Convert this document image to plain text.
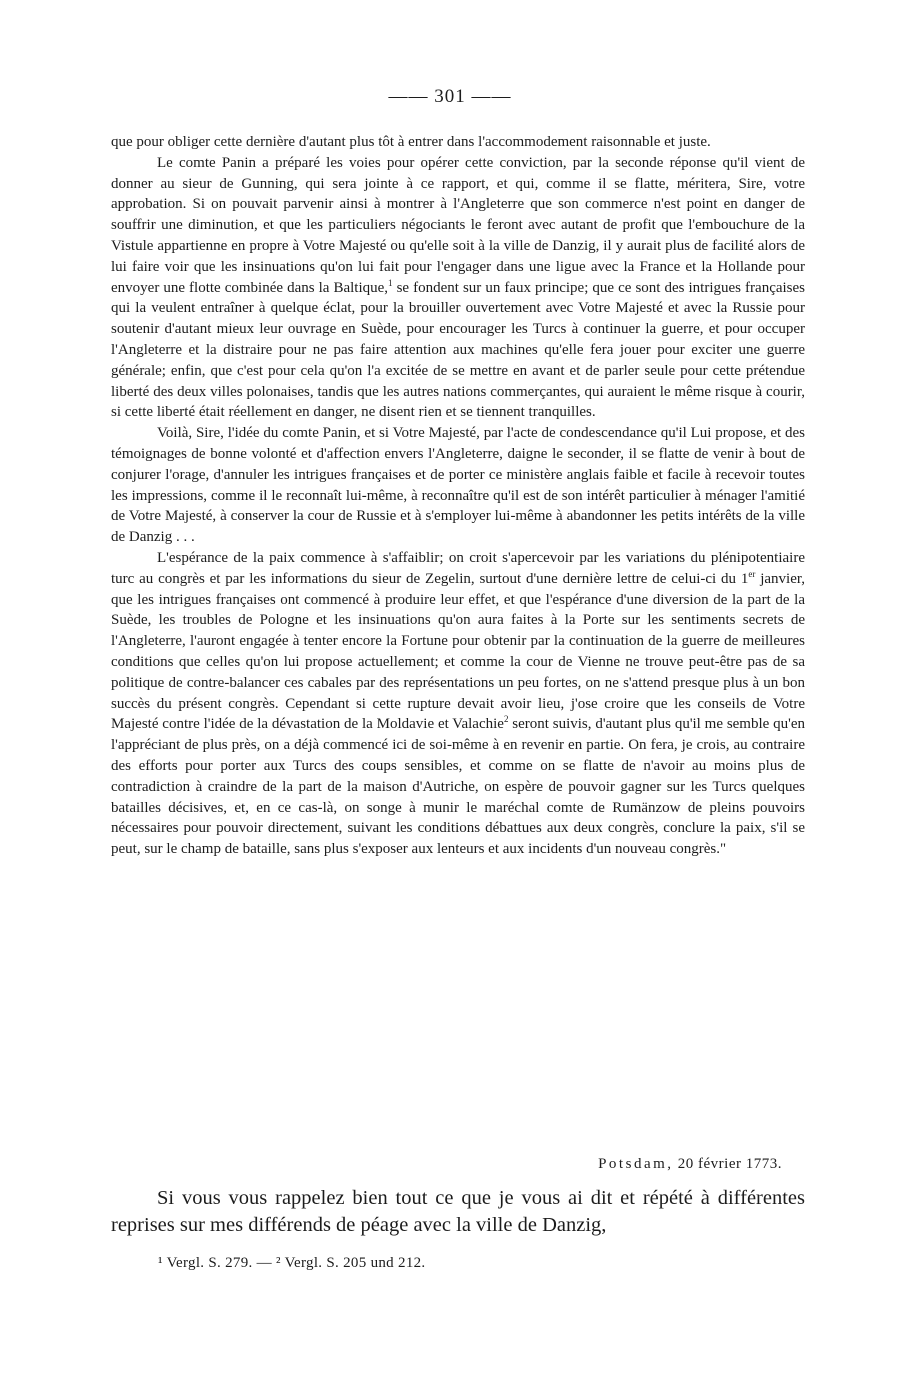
—— 301 ——

que pour obliger cette dernière d'autant plus tôt à entrer dans l'accommodement raisonnable et juste.

Le comte Panin a préparé les voies pour opérer cette conviction, par la seconde réponse qu'il vient de donner au sieur de Gunning, qui sera jointe à ce rapport, et qui, comme il se flatte, méritera, Sire, votre approbation. Si on pouvait parvenir ainsi à montrer à l'Angleterre que son commerce n'est point en danger de souffrir une diminution, et que les particuliers négociants le feront avec autant de profit que l'embouchure de la Vistule appartienne en propre à Votre Majesté ou qu'elle soit à la ville de Danzig, il y aurait plus de facilité alors de lui faire voir que les insinuations qu'on lui fait pour l'engager dans une ligue avec la France et la Hollande pour envoyer une flotte combinée dans la Baltique,$^1$ se fondent sur un faux principe; que ce sont des intrigues françaises qui la veulent entraîner à quelque éclat, pour la brouiller ouvertement avec Votre Majesté et avec la Russie pour soutenir d'autant mieux leur ouvrage en Suède, pour encourager les Turcs à continuer la guerre, et pour occuper l'Angleterre et la distraire pour ne pas faire attention aux machines qu'elle fera jouer pour exciter une guerre générale; enfin, que c'est pour cela qu'on l'a excitée de se mettre en avant et de parler seule pour cette prétendue liberté des deux villes polonaises, tandis que les autres nations commerçantes, qui auraient le même risque à courir, si cette liberté était réellement en danger, ne disent rien et se tiennent tranquilles.

Voilà, Sire, l'idée du comte Panin, et si Votre Majesté, par l'acte de condescendance qu'il Lui propose, et des témoignages de bonne volonté et d'affection envers l'Angleterre, daigne le seconder, il se flatte de venir à bout de conjurer l'orage, d'annuler les intrigues françaises et de porter ce ministère anglais faible et facile à recevoir toutes les impressions, comme il le reconnaît lui-même, à reconnaître qu'il est de son intérêt particulier à ménager l'amitié de Votre Majesté, à conserver la cour de Russie et à s'employer lui-même à abandonner les petits intérêts de la ville de Danzig . . .

L'espérance de la paix commence à s'affaiblir; on croit s'apercevoir par les variations du plénipotentiaire turc au congrès et par les informations du sieur de Zegelin, surtout d'une dernière lettre de celui-ci du 1er janvier, que les intrigues françaises ont commencé à produire leur effet, et que l'espérance d'une diversion de la part de la Suède, les troubles de Pologne et les insinuations qu'on aura faites à la Porte sur les sentiments secrets de l'Angleterre, l'auront engagée à tenter encore la Fortune pour obtenir par la continuation de la guerre de meilleures conditions que celles qu'on lui propose actuellement; et comme la cour de Vienne ne trouve peut-être pas de sa politique de contre-balancer ces cabales par des représentations un peu fortes, on ne s'attend presque plus à un bon succès du présent congrès. Cependant si cette rupture devait avoir lieu, j'ose croire que les conseils de Votre Majesté contre l'idée de la dévastation de la Moldavie et Valachie$^2$ seront suivis, d'autant plus qu'il me semble qu'en l'appréciant de plus près, on a déjà commencé ici de soi-même à en revenir en partie. On fera, je crois, au contraire des efforts pour porter aux Turcs des coups sensibles, et comme on se flatte de n'avoir au moins plus de contradiction à craindre de la part de la maison d'Autriche, on espère de pouvoir gagner sur les Turcs quelques batailles décisives, et, en ce cas-là, on songe à munir le maréchal comte de Rumänzow de pleins pouvoirs nécessaires pour pouvoir directement, suivant les conditions débattues aux deux congrès, conclure la paix, s'il se peut, sur le champ de bataille, sans plus s'exposer aux lenteurs et aux incidents d'un nouveau congrès."

Potsdam, 20 février 1773.

Si vous vous rappelez bien tout ce que je vous ai dit et répété à différentes reprises sur mes différends de péage avec la ville de Danzig,

¹ Vergl. S. 279. — ² Vergl. S. 205 und 212.
